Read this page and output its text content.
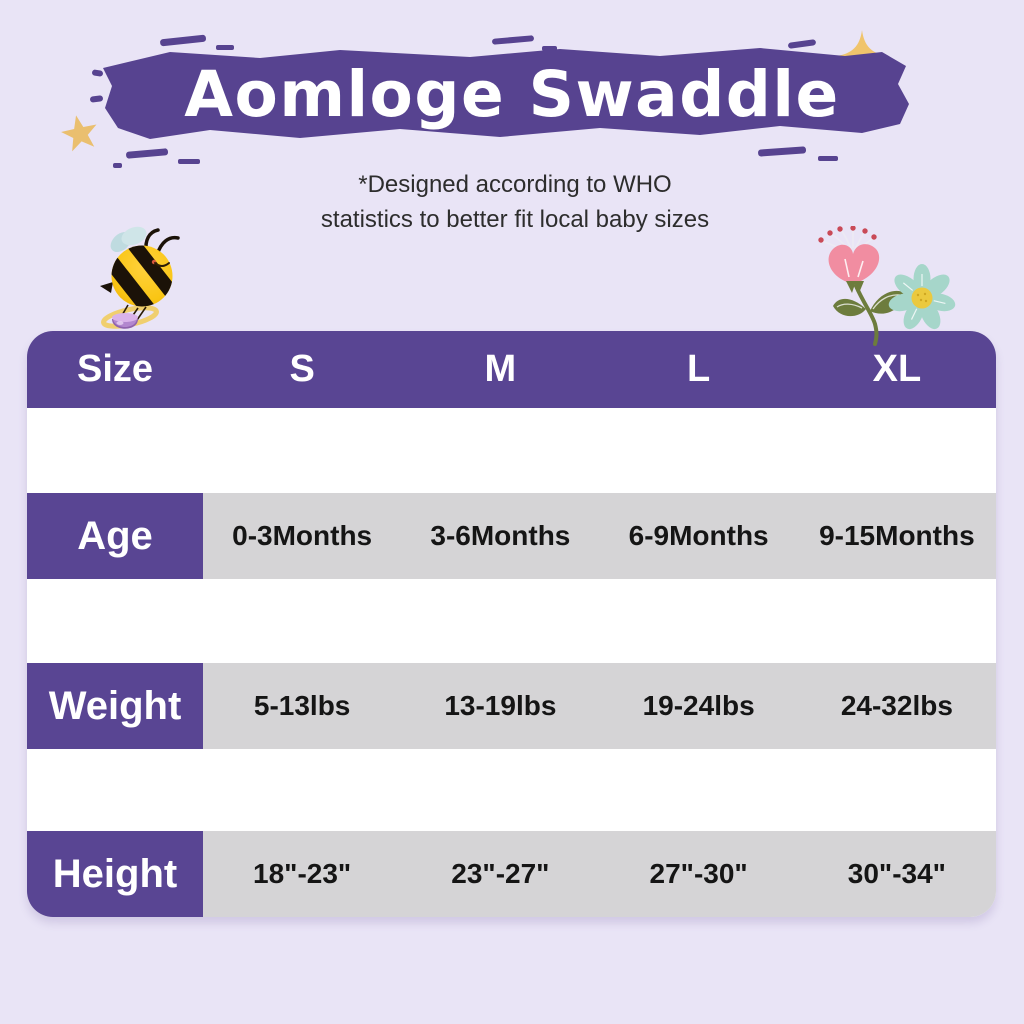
Aomloge Swaddle
*Designed according to WHO
statistics to better fit local baby sizes
Size	S	M	L	XL
Age	0-3Months	3-6Months	6-9Months	9-15Months
Weight	5-13lbs	13-19lbs	19-24lbs	24-32lbs
Height	18"-23"	23"-27"	27"-30"	30"-34"
